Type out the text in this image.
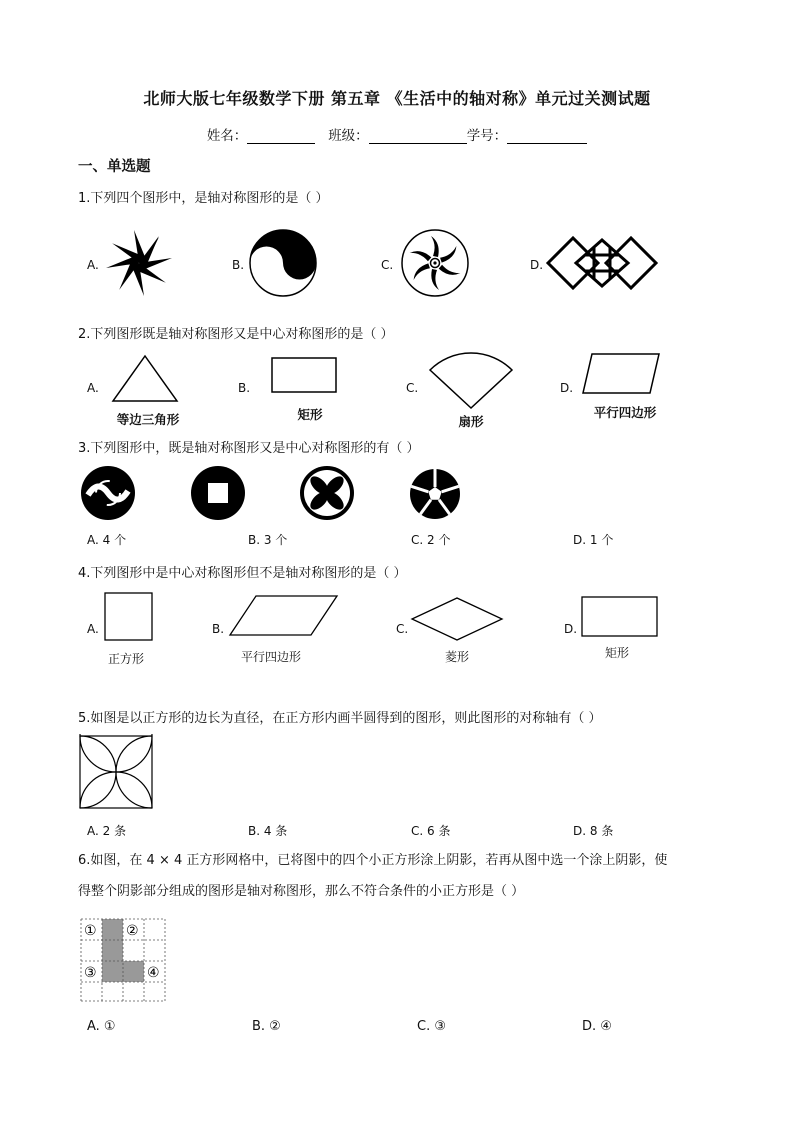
北师大版七年级数学下册 第五章 《生活中的轴对称》单元过关测试题
姓名：	班级：	学号：
一、单选题
1.下列四个图形中，是轴对称图形的是（ ）
A.	B.	C.	D.
2.下列图形既是轴对称图形又是中心对称图形的是（ ）
A.
等边三角形
B.
矩形
C.
扇形
D.
平行四边形
3.下列图形中，既是轴对称图形又是中心对称图形的有（ ）
A. 4 个	B. 3 个	C. 2 个	D. 1 个
4.下列图形中是中心对称图形但不是轴对称图形的是（ ）
A.
正方形
B.
平行四边形
C.
菱形
D.
矩形
5.如图是以正方形的边长为直径，在正方形内画半圆得到的图形，则此图形的对称轴有（ ）
A. 2 条	B. 4 条	C. 6 条	D. 8 条
6.如图，在 4 × 4 正方形网格中，已将图中的四个小正方形涂上阴影，若再从图中选一个涂上阴影，使
得整个阴影部分组成的图形是轴对称图形，那么不符合条件的小正方形是（ ）
① ②
③	④
A. ①	B. ②	C. ③	D. ④
